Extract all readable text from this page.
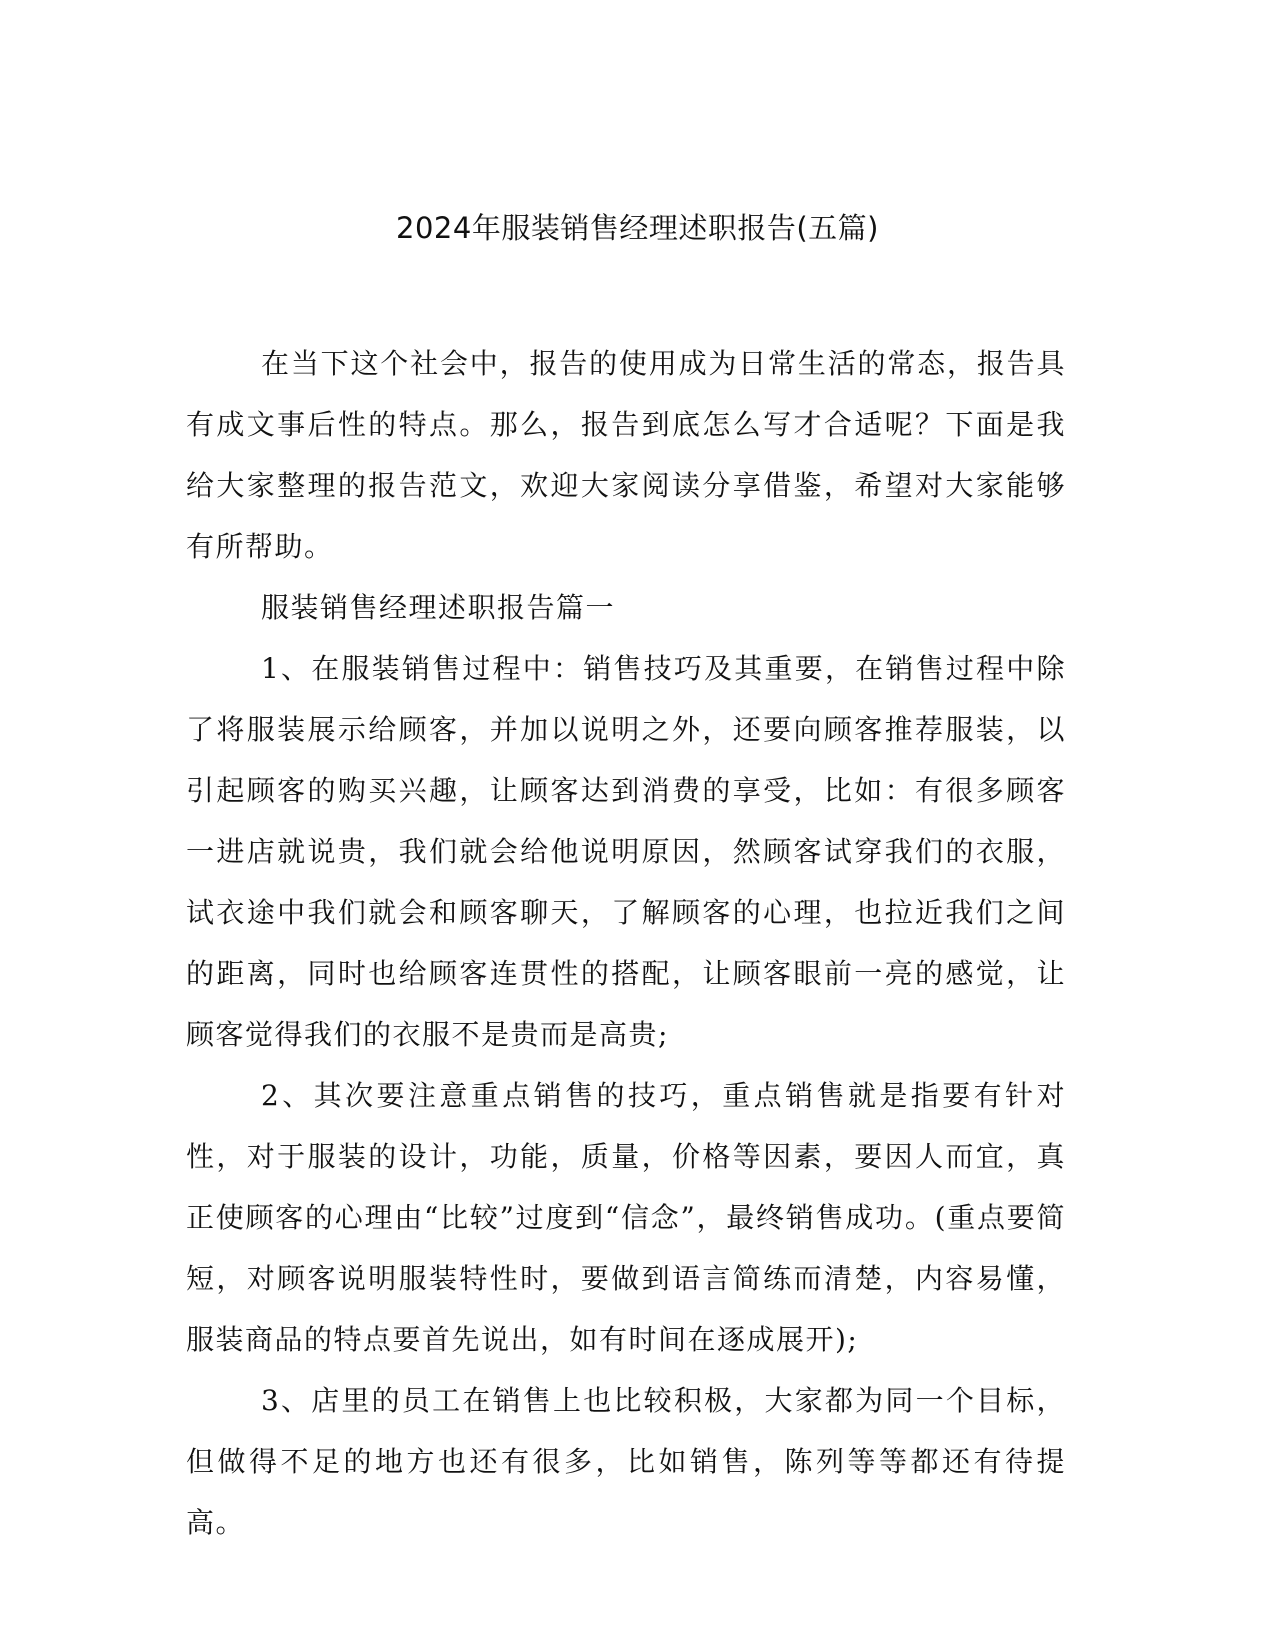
2024年服装销售经理述职报告(五篇)

在当下这个社会中，报告的使用成为日常生活的常态，报告具有成文事后性的特点。那么，报告到底怎么写才合适呢？下面是我给大家整理的报告范文，欢迎大家阅读分享借鉴，希望对大家能够有所帮助。

服装销售经理述职报告篇一

1、在服装销售过程中：销售技巧及其重要，在销售过程中除了将服装展示给顾客，并加以说明之外，还要向顾客推荐服装，以引起顾客的购买兴趣，让顾客达到消费的享受，比如：有很多顾客一进店就说贵，我们就会给他说明原因，然顾客试穿我们的衣服，试衣途中我们就会和顾客聊天，了解顾客的心理，也拉近我们之间的距离，同时也给顾客连贯性的搭配，让顾客眼前一亮的感觉，让顾客觉得我们的衣服不是贵而是高贵;

2、其次要注意重点销售的技巧，重点销售就是指要有针对性，对于服装的设计，功能，质量，价格等因素，要因人而宜，真正使顾客的心理由“比较”过度到“信念”，最终销售成功。(重点要简短，对顾客说明服装特性时，要做到语言简练而清楚，内容易懂，服装商品的特点要首先说出，如有时间在逐成展开);

3、店里的员工在销售上也比较积极，大家都为同一个目标，但做得不足的地方也还有很多，比如销售，陈列等等都还有待提高。
